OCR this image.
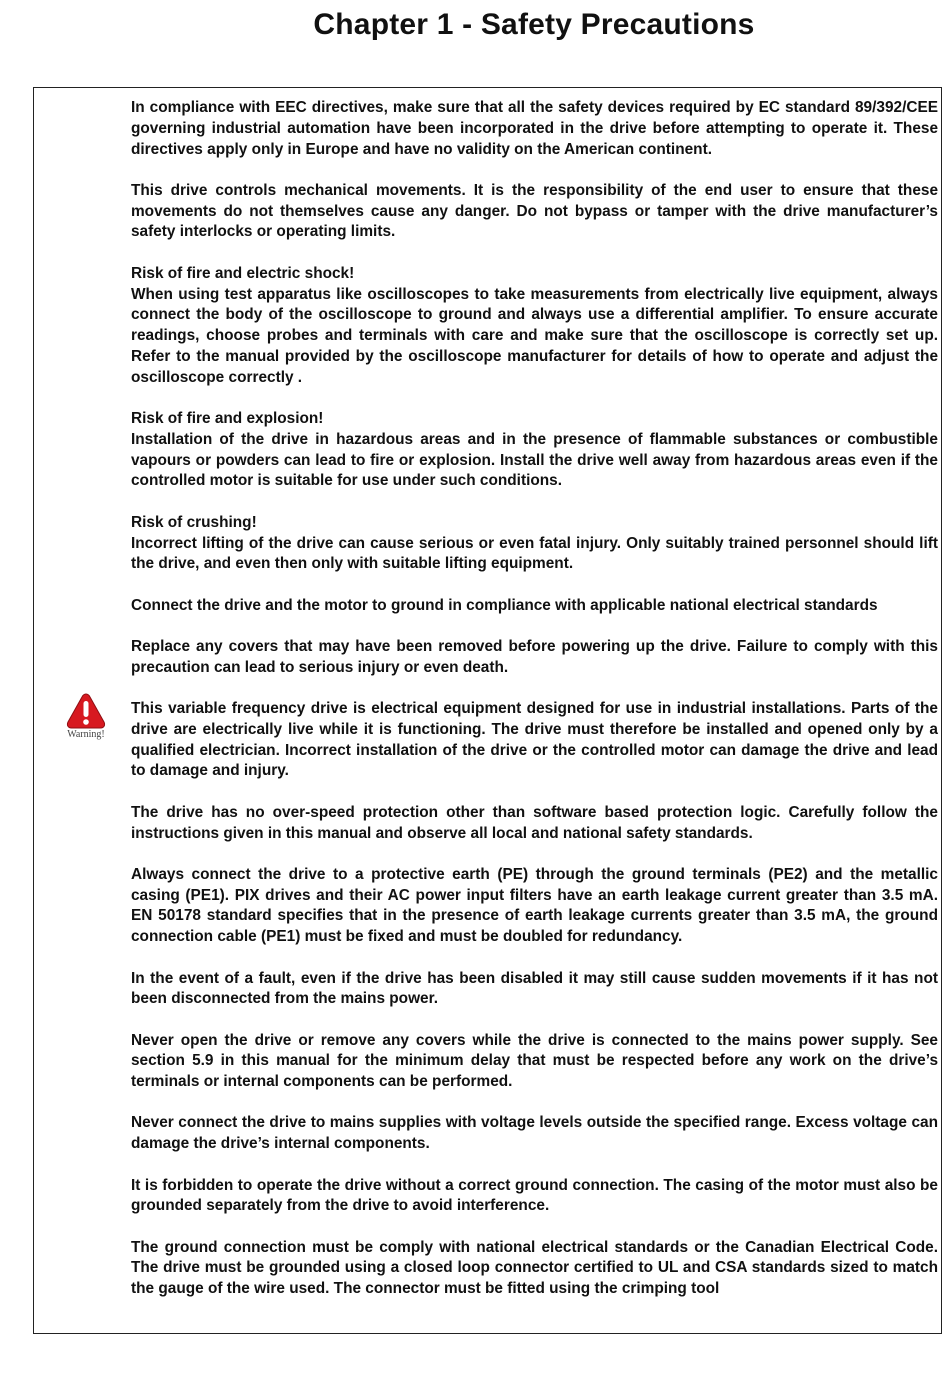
Chapter 1 - Safety Precautions
Warning!

In compliance with EEC directives, make sure that all the safety devices required by EC standard 89/392/CEE governing industrial automation have been incorporated in the drive before attempting to operate it. These directives apply only in Europe and have no validity on the American continent.

This drive controls mechanical movements. It is the responsibility of the end user to ensure that these movements do not themselves cause any danger. Do not bypass or tamper with the drive manufacturer’s safety interlocks or operating limits.

Risk of fire and electric shock!
When using test apparatus like oscilloscopes to take measurements from electrically live equipment, always connect the body of the oscilloscope to ground and always use a differential amplifier. To ensure accurate readings, choose probes and terminals with care and make sure that the oscilloscope is correctly set up. Refer to the manual provided by the oscilloscope manufacturer for details of how to operate and adjust the oscilloscope correctly .

Risk of fire and explosion!
Installation of the drive in hazardous areas and in the presence of flammable substances or combustible vapours or powders can lead to fire or explosion. Install the drive well away from hazardous areas even if the controlled motor is suitable for use under such conditions.

Risk of crushing!
Incorrect lifting of the drive can cause serious or even fatal injury. Only suitably trained personnel should lift the drive, and even then only with suitable lifting equipment.

Connect the drive and the motor to ground in compliance with applicable national electrical standards

Replace any covers that may have been removed before powering up the drive. Failure to comply with this precaution can lead to serious injury or even death.

This variable frequency drive is electrical equipment designed for use in industrial installations. Parts of the drive are electrically live while it is functioning. The drive must therefore be installed and opened only by a qualified electrician. Incorrect installation of the drive or the controlled motor can damage the drive and lead to damage and injury.

The drive has no over-speed protection other than software based protection logic. Carefully follow the instructions given in this manual and observe all local and national safety standards.

Always connect the drive to a protective earth (PE) through the ground terminals (PE2) and the metallic casing (PE1). PIX drives and their AC power input filters have an earth leakage current greater than 3.5 mA. EN 50178 standard specifies that in the presence of earth leakage currents greater than 3.5 mA, the ground connection cable (PE1) must be fixed and must be doubled for redundancy.

In the event of a fault, even if the drive has been disabled it may still cause sudden movements if it has not been disconnected from the mains power.

Never open the drive or remove any covers while the drive is connected to the mains power supply. See section 5.9 in this manual for the minimum delay that must be respected before any work on the drive’s terminals or internal components can be performed.

Never connect the drive to mains supplies with voltage levels outside the specified range. Excess voltage can damage the drive’s internal components.

It is forbidden to operate the drive without a correct ground connection. The casing of the motor must also be grounded separately from the drive to avoid interference.

The ground connection must be comply with national electrical standards or the Canadian Electrical Code. The drive must be grounded using a closed loop connector certified to UL and CSA standards sized to match the gauge of the wire used. The connector must be fitted using the crimping tool
